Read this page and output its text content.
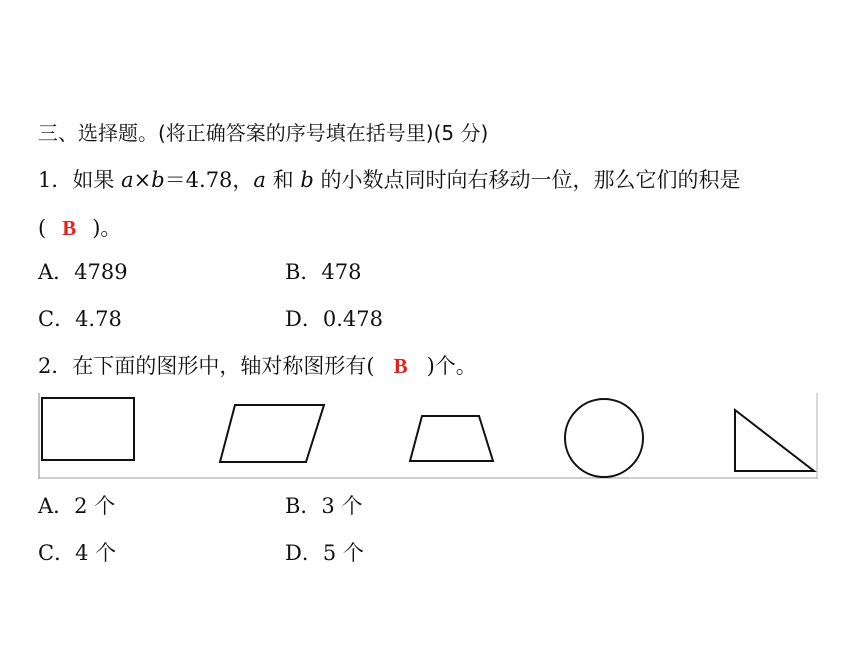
三、选择题。(将正确答案的序号填在括号里)(5 分)
1．如果 a×b＝4.78，a 和 b 的小数点同时向右移动一位，那么它们的积是
( B )。
A．4789	B．478
C．4.78	D．0.478
2．在下面的图形中，轴对称图形有( B )个。
A．2 个	B．3 个
C．4 个	D．5 个
